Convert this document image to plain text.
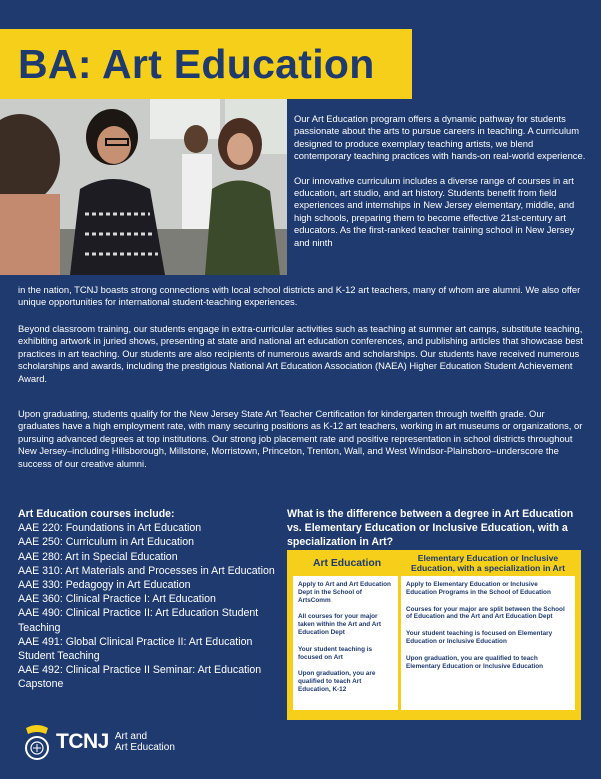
BA: Art Education

Our Art Education program offers a dynamic pathway for students passionate about the arts to pursue careers in teaching. A curriculum designed to produce exemplary teaching artists, we blend contemporary teaching practices with hands-on real-world experience.

Our innovative curriculum includes a diverse range of courses in art education, art studio, and art history. Students benefit from field experiences and internships in New Jersey elementary, middle, and high schools, preparing them to become effective 21st-century art educators. As the first-ranked teacher training school in New Jersey and ninth

in the nation, TCNJ boasts strong connections with local school districts and K-12 art teachers, many of whom are alumni. We also offer unique opportunities for international student-teaching experiences.

Beyond classroom training, our students engage in extra-curricular activities such as teaching at summer art camps, substitute teaching, exhibiting artwork in juried shows, presenting at state and national art education conferences, and publishing articles that showcase best practices in art teaching. Our students are also recipients of numerous awards and scholarships. Our students have received numerous scholarships and awards, including the prestigious National Art Education Association (NAEA) Higher Education Student Achievement Award.

Upon graduating, students qualify for the New Jersey State Art Teacher Certification for kindergarten through twelfth grade. Our graduates have a high employment rate, with many securing positions as K-12 art teachers, working in art museums or organizations, or pursuing advanced degrees at top institutions. Our strong job placement rate and positive representation in school districts throughout New Jersey–including Hillsborough, Millstone, Morristown, Princeton, Trenton, Wall, and West Windsor-Plainsboro–underscore the success of our creative alumni.

Art Education courses include:
AAE 220: Foundations in Art Education
AAE 250: Curriculum in Art Education
AAE 280: Art in Special Education
AAE 310: Art Materials and Processes in Art Education
AAE 330: Pedagogy in Art Education
AAE 360: Clinical Practice I: Art Education
AAE 490: Clinical Practice II: Art Education Student Teaching
AAE 491: Global Clinical Practice II: Art Education Student Teaching
AAE 492: Clinical Practice II Seminar: Art Education Capstone
What is the difference between a degree in Art Education vs. Elementary Education or Inclusive Education, with a specialization in Art?
Art Education	Elementary Education or Inclusive Education, with a specialization in Art
Apply to Art and Art Education Dept in the School of ArtsComm
All courses for your major taken within the Art and Art Education Dept
Your student teaching is focused on Art
Upon graduation, you are qualified to teach Art Education, K-12
Apply to Elementary Education or Inclusive Education Programs in the School of Education
Courses for your major are split between the School of Education and the Art and Art Education Dept
Your student teaching is focused on Elementary Education or Inclusive Education
Upon graduation, you are qualified to teach Elementary Education or Inclusive Education
TCNJ Art and
Art Education
